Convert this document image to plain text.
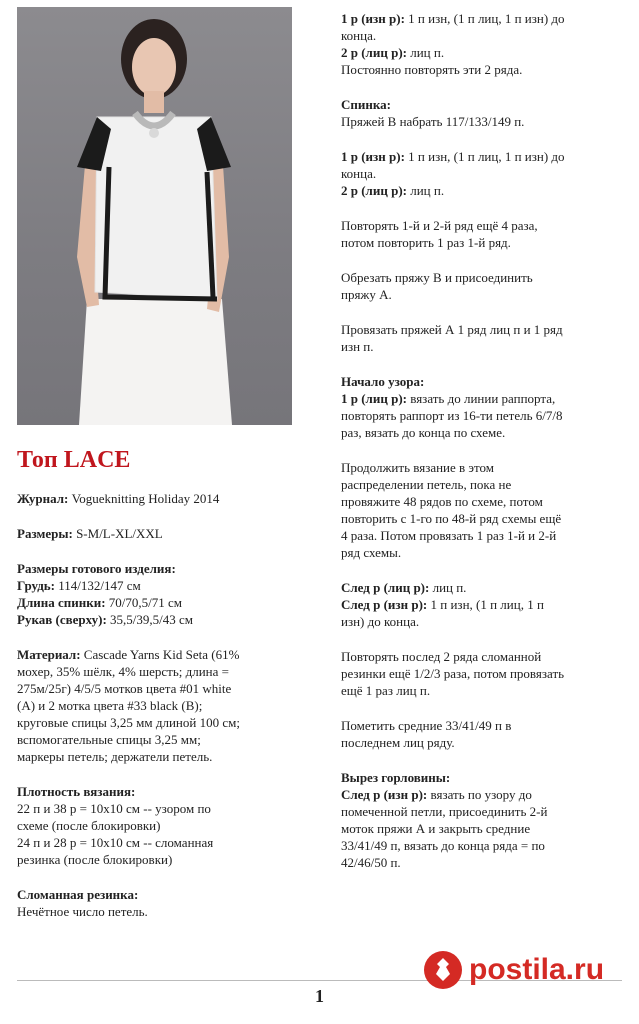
Топ LACE

Журнал: Vogueknitting Holiday 2014

Размеры: S-M/L-XL/XXL

Размеры готового изделия:
Грудь: 114/132/147 см
Длина спинки: 70/70,5/71 см
Рукав (сверху): 35,5/39,5/43 см

Материал: Cascade Yarns Kid Seta (61%
мохер, 35% шёлк, 4% шерсть; длина =
275м/25г) 4/5/5 мотков цвета #01 white
(A) и 2 мотка цвета #33 black (B);
круговые спицы 3,25 мм длиной 100 см;
вспомогательные спицы 3,25 мм;
маркеры петель; держатели петель.

Плотность вязания:
22 п и 38 р = 10х10 см -- узором по
схеме (после блокировки)
24 п и 28 р = 10х10 см -- сломанная
резинка (после блокировки)

Сломанная резинка:
Нечётное число петель.

1 р (изн р): 1 п изн, (1 п лиц, 1 п изн) до
конца.
2 р (лиц р): лиц п.
Постоянно повторять эти 2 ряда.

Спинка:
Пряжей B набрать 117/133/149 п.

1 р (изн р): 1 п изн, (1 п лиц, 1 п изн) до
конца.
2 р (лиц р): лиц п.

Повторять 1-й и 2-й ряд ещё 4 раза,
потом повторить 1 раз 1-й ряд.

Обрезать пряжу B и присоединить
пряжу A.

Провязать пряжей А 1 ряд лиц п и 1 ряд
изн п.

Начало узора:
1 р (лиц р): вязать до линии раппорта,
повторять раппорт из 16-ти петель 6/7/8
раз, вязать до конца по схеме.

Продолжить вязание в этом
распределении петель, пока не
провяжите 48 рядов по схеме, потом
повторить с 1-го по 48-й ряд схемы ещё
4 раза. Потом провязать 1 раз 1-й и 2-й
ряд схемы.

След р (лиц р): лиц п.
След р (изн р): 1 п изн, (1 п лиц, 1 п
изн) до конца.

Повторять послед 2 ряда сломанной
резинки ещё 1/2/3 раза, потом провязать
ещё 1 раз лиц п.

Пометить средние 33/41/49 п в
последнем лиц ряду.

Вырез горловины:
След р (изн р): вязать по узору до
помеченной петли, присоединить 2-й
моток пряжи А и закрыть средние
33/41/49 п, вязать до конца ряда = по
42/46/50 п.

1
postila.ru
